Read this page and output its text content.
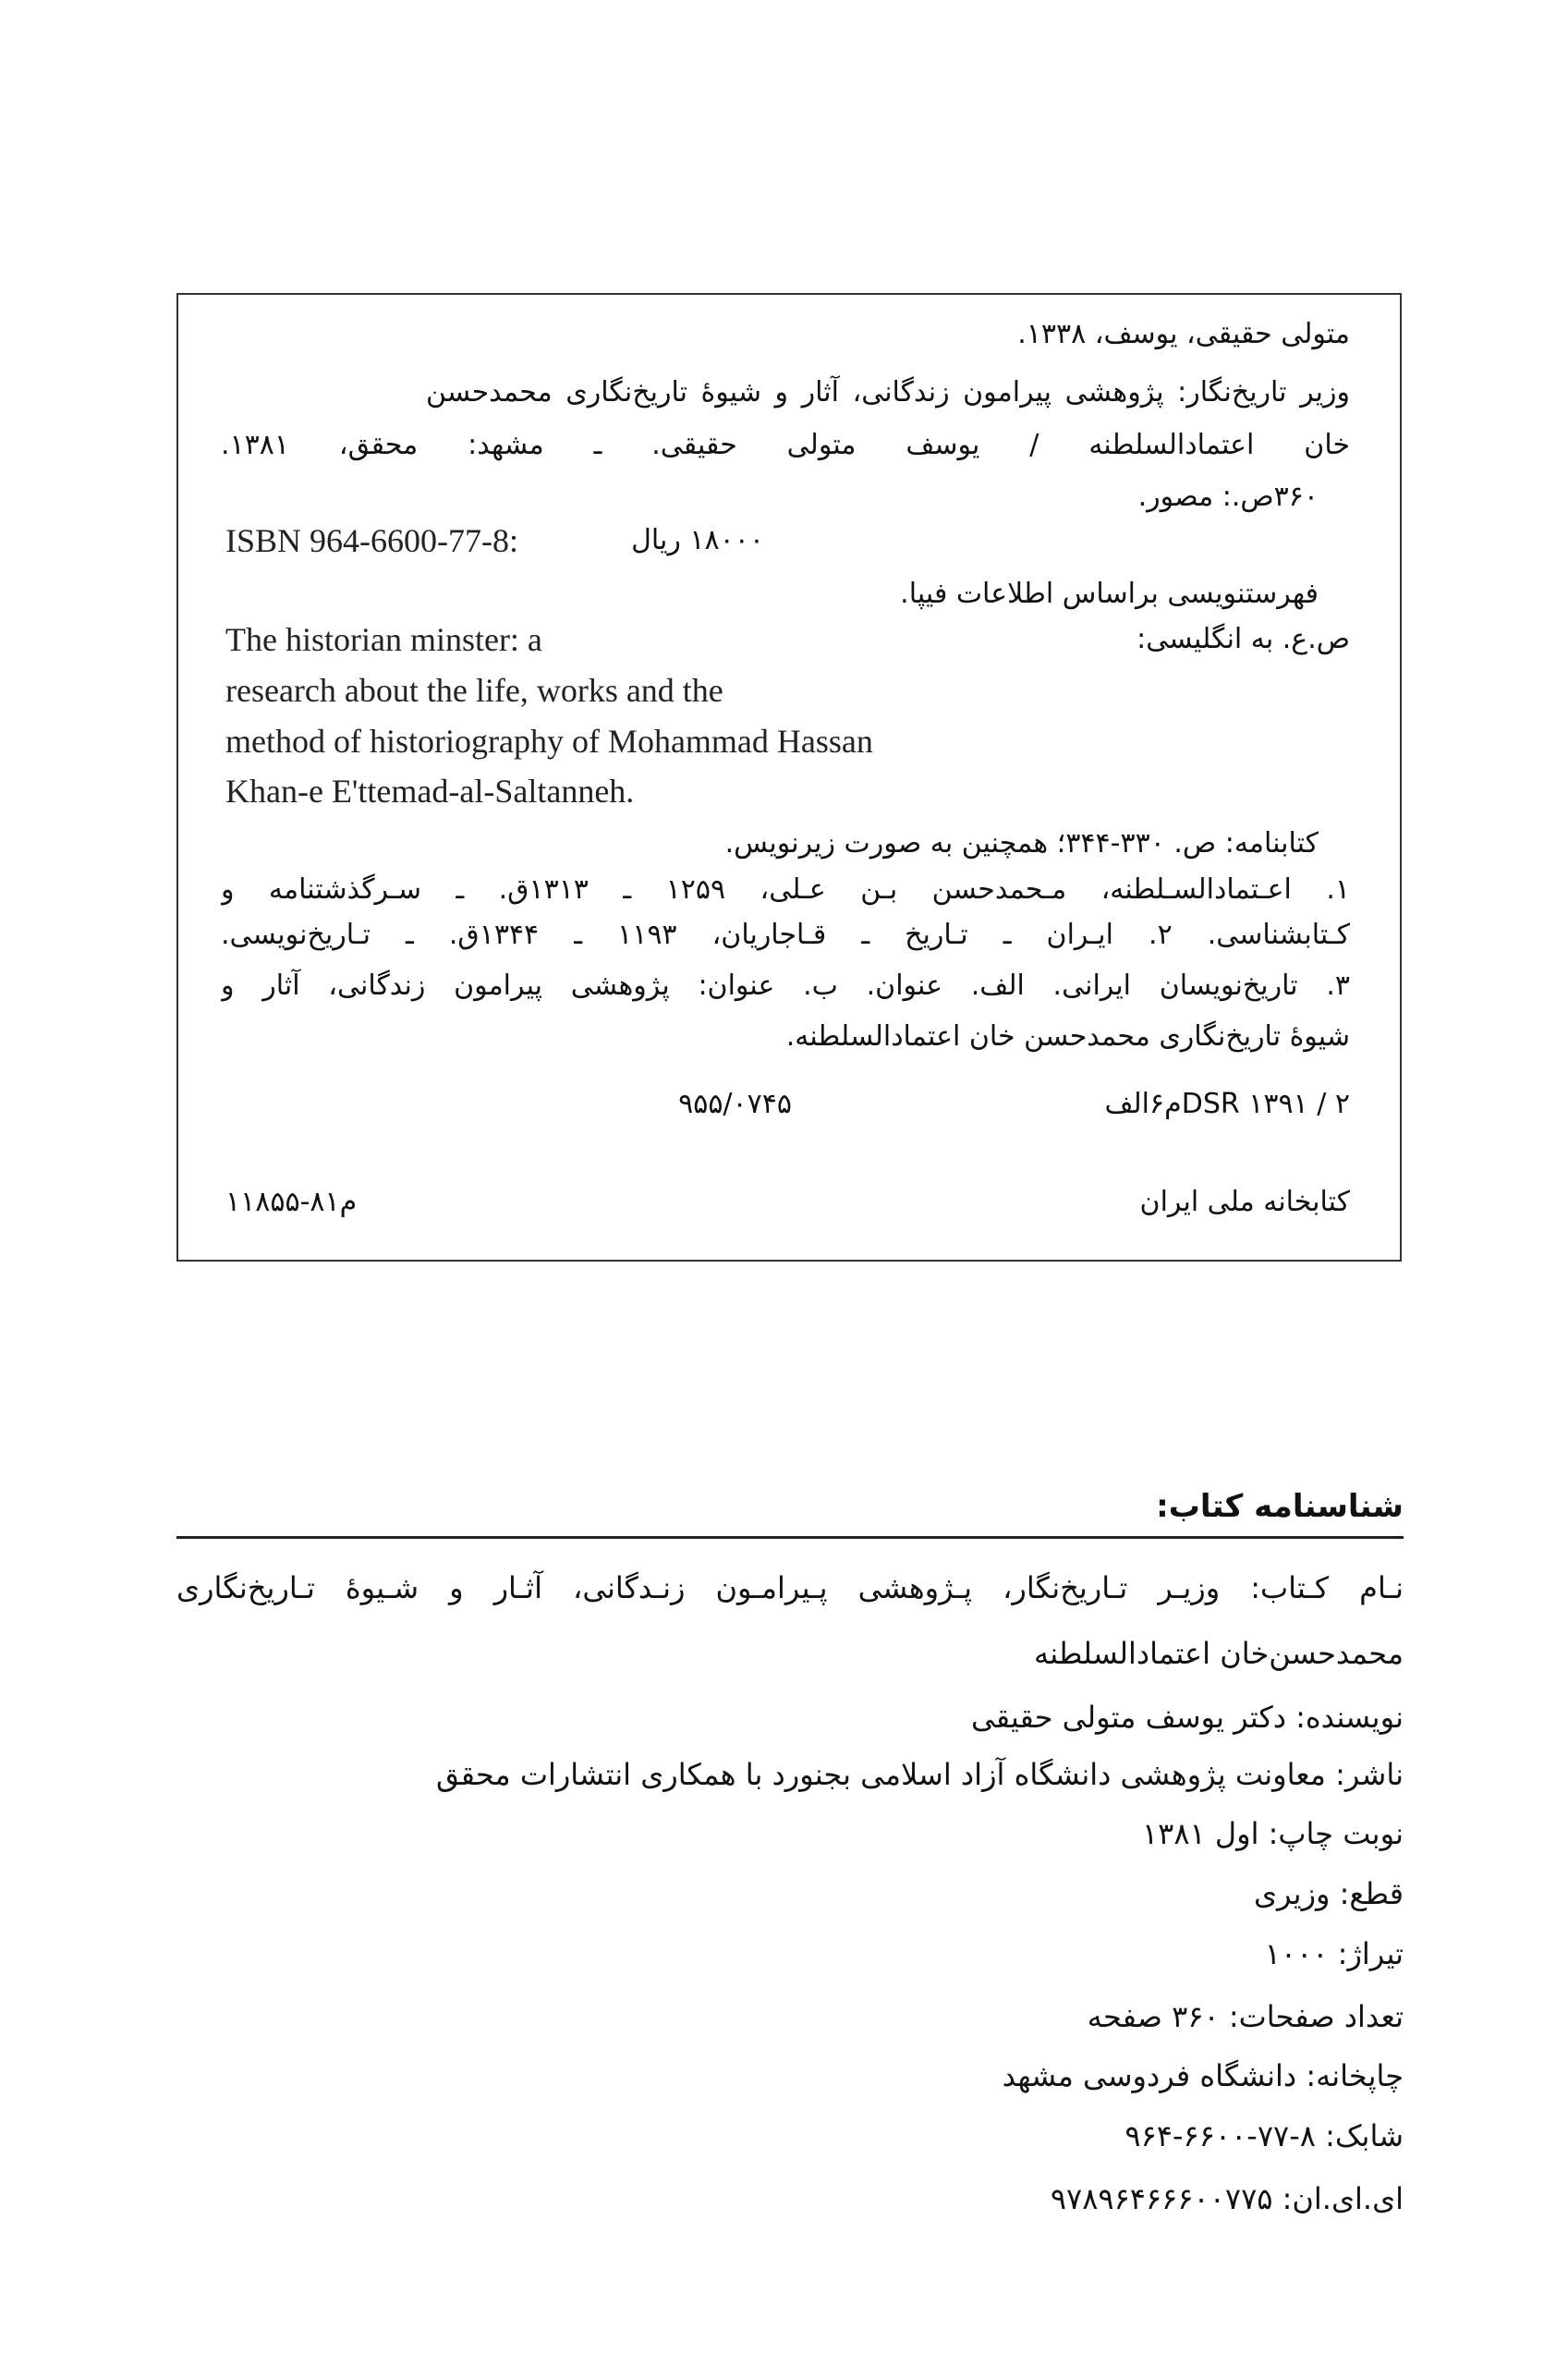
متولی حقیقی، یوسف، ۱۳۳۸.
وزیر تاریخ‌نگار: پژوهشی پیرامون زندگانی، آثار و شیوهٔ تاریخ‌نگاری محمدحسن
خان اعتمادالسلطنه / یوسف متولی حقیقی. ـ مشهد: محقق، ۱۳۸۱.
۳۶۰ص.: مصور.
ISBN 964-6600-77-8:	۱۸۰۰۰ ریال
فهرستنویسی براساس اطلاعات فیپا.
The historian minster: a	ص.ع. به انگلیسی:
research about the life, works and the
method of historiography of Mohammad Hassan
Khan-e E'ttemad-al-Saltanneh.
کتابنامه: ص. ۳۳۰-۳۴۴؛ همچنین به صورت زیرنویس.
۱. اعـتمادالسـلطنه، مـحمدحسن بـن عـلی، ۱۲۵۹ ـ ۱۳۱۳ق. ـ سـرگذشتنامه و
کـتابشناسی. ۲. ایـران ـ تـاریخ ـ قـاجاریان، ۱۱۹۳ ـ ۱۳۴۴ق. ـ تـاریخ‌نویسی.
۳. تاریخ‌نویسان ایرانی. الف. عنوان. ب. عنوان: پژوهشی پیرامون زندگانی، آثار و
شیوهٔ تاریخ‌نگاری محمدحسن خان اعتمادالسلطنه.
DSR ۱۳۹۱ / ۲م۶الف
۹۵۵/۰۷۴۵
کتابخانه ملی ایران
م۸۱-۱۱۸۵۵
شناسنامه کتاب:
نـام کـتاب: وزیـر تـاریخ‌نگار، پـژوهشی پـیرامـون زنـدگانی، آثـار و شـیوهٔ تـاریخ‌نگاری
محمدحسن‌خان اعتمادالسلطنه
نویسنده: دکتر یوسف متولی حقیقی
ناشر: معاونت پژوهشی دانشگاه آزاد اسلامی بجنورد با همکاری انتشارات محقق
نوبت چاپ: اول ۱۳۸۱
قطع: وزیری
تیراژ: ۱۰۰۰
تعداد صفحات: ۳۶۰ صفحه
چاپخانه: دانشگاه فردوسی مشهد
شابک: ۸-۷۷-۶۶۰۰-۹۶۴
ای.ای.ان: ۹۷۸۹۶۴۶۶۶۰۰۷۷۵
